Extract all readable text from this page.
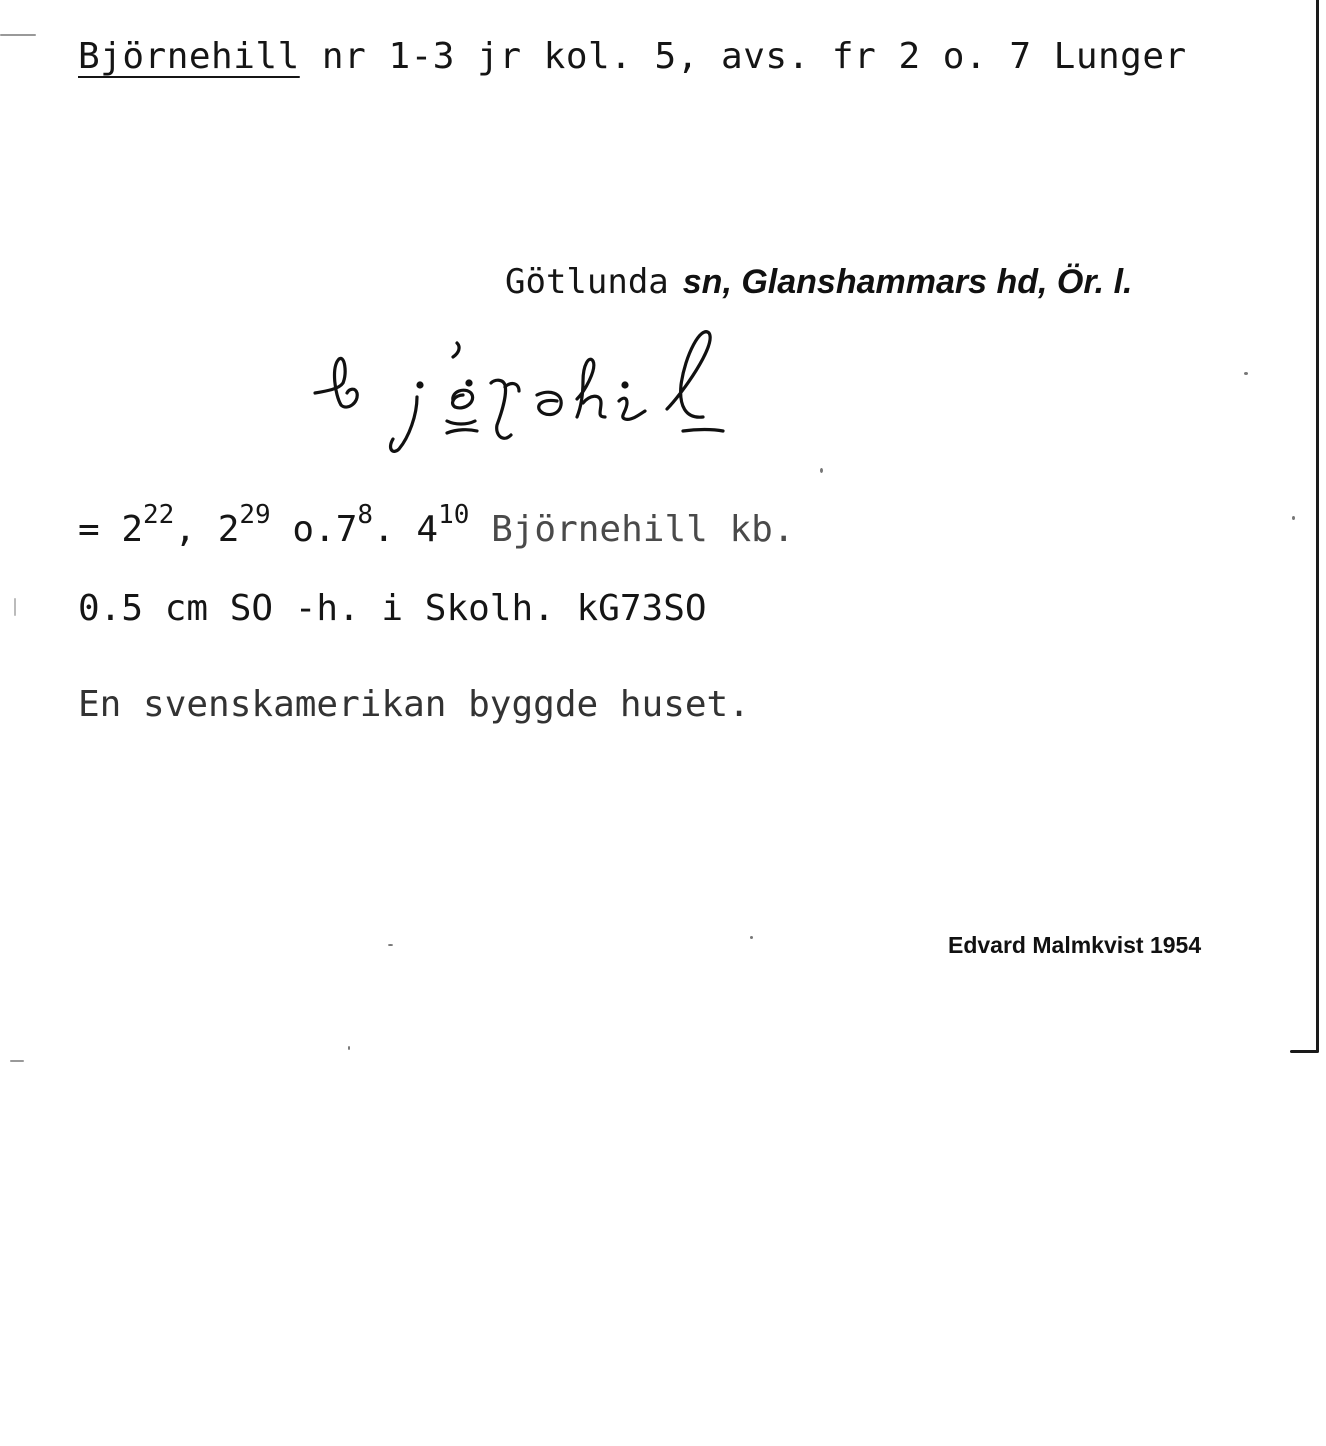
Björnehill nr 1-3 jr kol. 5, avs. fr 2 o. 7 Lunger
Götlunda sn, Glanshammars hd, Ör. l.
= $2^{22}$, $2^{29}$ $o.7^8$. $4^{10}$ Björnehill kb.
0.5 cm SO -h. i Skolh. kG73SO
En svenskamerikan byggde huset.
Edvard Malmkvist 1954
